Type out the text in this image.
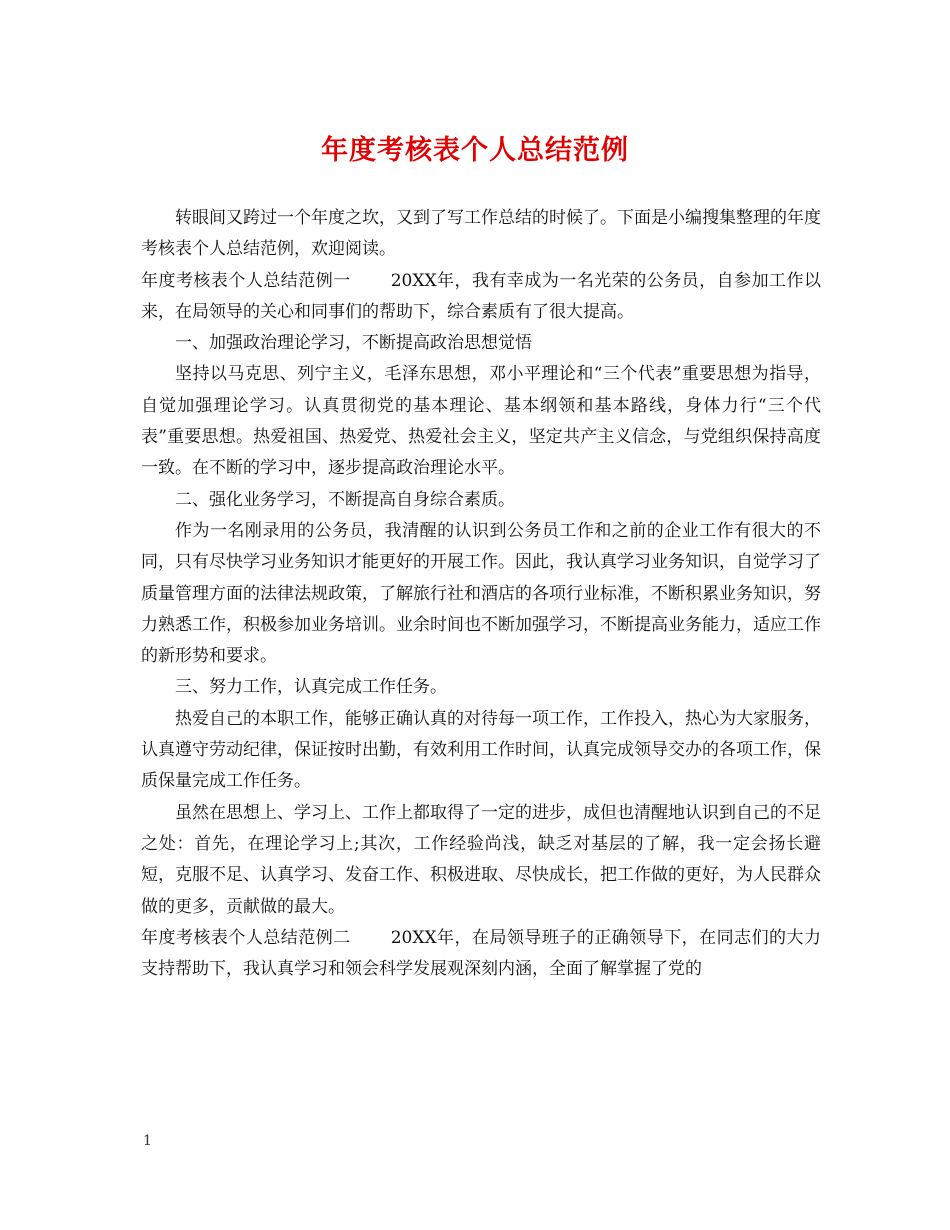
年度考核表个人总结范例

转眼间又跨过一个年度之坎，又到了写工作总结的时候了。下面是小编搜集整理的年度考核表个人总结范例，欢迎阅读。

年度考核表个人总结范例一 20XX年，我有幸成为一名光荣的公务员，自参加工作以来，在局领导的关心和同事们的帮助下，综合素质有了很大提高。

一、加强政治理论学习，不断提高政治思想觉悟

坚持以马克思、列宁主义，毛泽东思想，邓小平理论和“三个代表”重要思想为指导，自觉加强理论学习。认真贯彻党的基本理论、基本纲领和基本路线，身体力行“三个代表”重要思想。热爱祖国、热爱党、热爱社会主义，坚定共产主义信念，与党组织保持高度一致。在不断的学习中，逐步提高政治理论水平。

二、强化业务学习，不断提高自身综合素质。

作为一名刚录用的公务员，我清醒的认识到公务员工作和之前的企业工作有很大的不同，只有尽快学习业务知识才能更好的开展工作。因此，我认真学习业务知识，自觉学习了质量管理方面的法律法规政策，了解旅行社和酒店的各项行业标准，不断积累业务知识，努力熟悉工作，积极参加业务培训。业余时间也不断加强学习，不断提高业务能力，适应工作的新形势和要求。

三、努力工作，认真完成工作任务。

热爱自己的本职工作，能够正确认真的对待每一项工作，工作投入，热心为大家服务，认真遵守劳动纪律，保证按时出勤，有效利用工作时间，认真完成领导交办的各项工作，保质保量完成工作任务。

虽然在思想上、学习上、工作上都取得了一定的进步，成但也清醒地认识到自己的不足之处：首先，在理论学习上;其次，工作经验尚浅，缺乏对基层的了解，我一定会扬长避短，克服不足、认真学习、发奋工作、积极进取、尽快成长，把工作做的更好，为人民群众做的更多，贡献做的最大。

年度考核表个人总结范例二 20XX年，在局领导班子的正确领导下，在同志们的大力支持帮助下，我认真学习和领会科学发展观深刻内涵，全面了解掌握了党的

1
